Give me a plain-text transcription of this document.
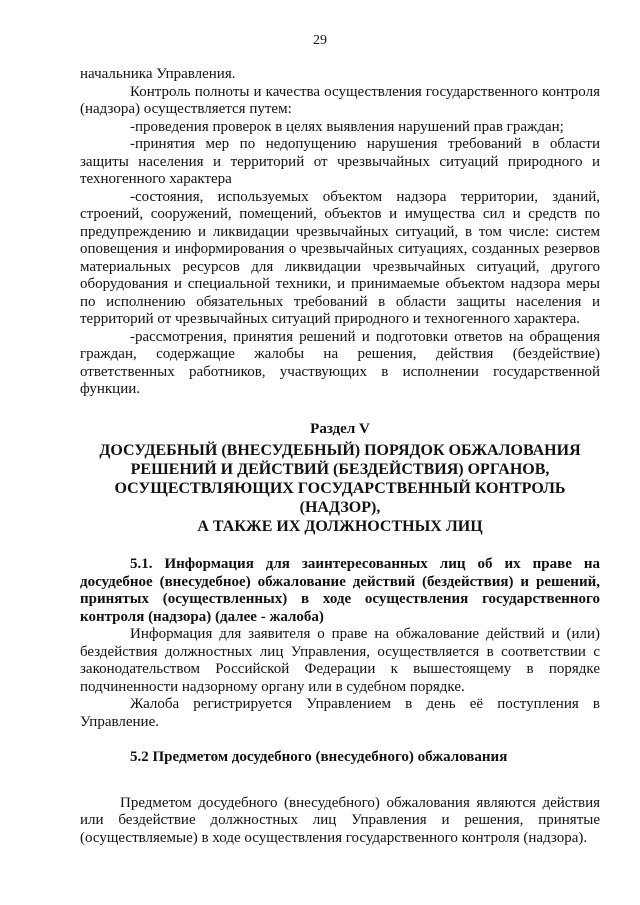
29

начальника Управления.

Контроль полноты и качества осуществления государственного контроля (надзора) осуществляется путем:

-проведения проверок в целях выявления нарушений прав граждан;

-принятия мер по недопущению нарушения требований в области защиты населения и территорий от чрезвычайных ситуаций природного и техногенного характера

-состояния, используемых объектом надзора территории, зданий, строений, сооружений, помещений, объектов и имущества сил и средств по предупреждению и ликвидации чрезвычайных ситуаций, в том числе: систем оповещения и информирования о чрезвычайных ситуациях, созданных резервов материальных ресурсов для ликвидации чрезвычайных ситуаций, другого оборудования и специальной техники, и принимаемые объектом надзора меры по исполнению обязательных требований в области защиты населения и территорий от чрезвычайных ситуаций природного и техногенного характера.

-рассмотрения, принятия решений и подготовки ответов на обращения граждан, содержащие жалобы на решения, действия (бездействие) ответственных работников, участвующих в исполнении государственной функции.

Раздел V
ДОСУДЕБНЫЙ (ВНЕСУДЕБНЫЙ) ПОРЯДОК ОБЖАЛОВАНИЯ
РЕШЕНИЙ И ДЕЙСТВИЙ (БЕЗДЕЙСТВИЯ) ОРГАНОВ,
ОСУЩЕСТВЛЯЮЩИХ ГОСУДАРСТВЕННЫЙ КОНТРОЛЬ (НАДЗОР),
А ТАКЖЕ ИХ ДОЛЖНОСТНЫХ ЛИЦ

5.1. Информация для заинтересованных лиц об их праве на досудебное (внесудебное) обжалование действий (бездействия) и решений, принятых (осуществленных) в ходе осуществления государственного контроля (надзора) (далее - жалоба)

Информация для заявителя о праве на обжалование действий и (или) бездействия должностных лиц Управления, осуществляется в соответствии с законодательством Российской Федерации к вышестоящему в порядке подчиненности надзорному органу или в судебном порядке.

Жалоба регистрируется Управлением в день её поступления в Управление.

5.2 Предметом досудебного (внесудебного) обжалования

Предметом досудебного (внесудебного) обжалования являются действия или бездействие должностных лиц Управления и решения, принятые (осуществляемые) в ходе осуществления государственного контроля (надзора).
